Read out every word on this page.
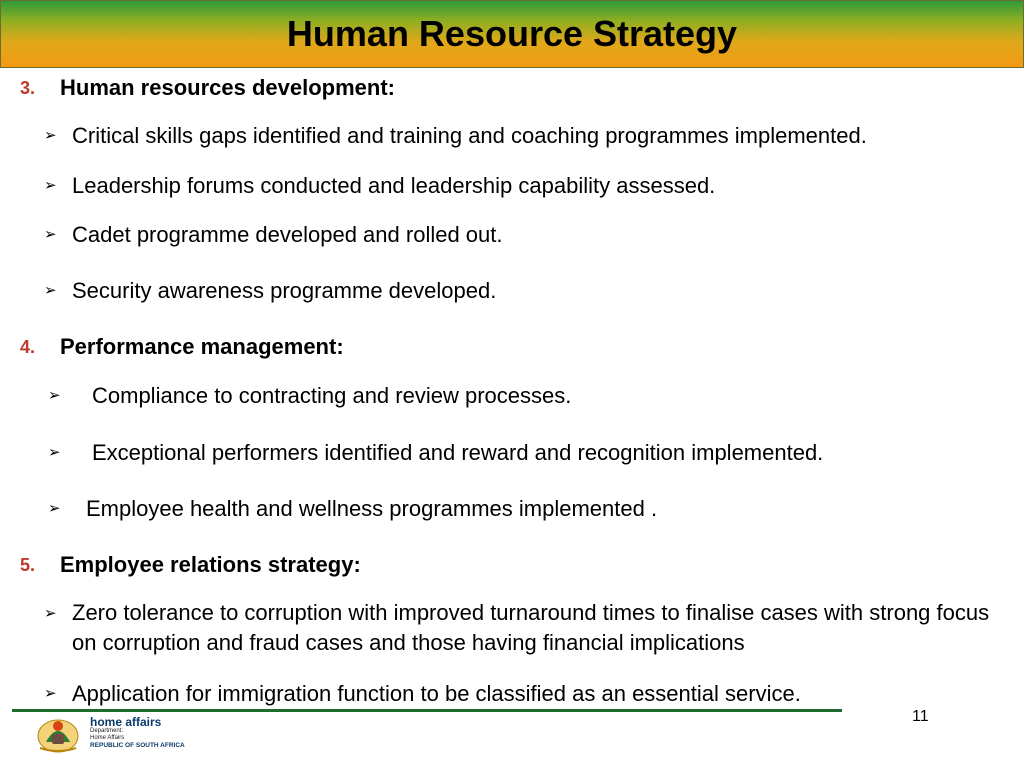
Human Resource Strategy
3. Human resources development:
➢ Critical skills gaps identified and training and coaching programmes implemented.
➢ Leadership forums conducted and leadership capability assessed.
➢ Cadet programme developed and rolled out.
➢ Security awareness programme developed.
4. Performance management:
➢ Compliance to contracting and review processes.
➢ Exceptional performers identified and reward and recognition implemented.
➢ Employee health and wellness programmes implemented .
5. Employee relations strategy:
➢ Zero tolerance to corruption with improved turnaround times to finalise cases with strong focus on corruption and fraud cases and those having financial implications
➢ Application for immigration function to be classified as an essential service.
home affairs
Department:
Home Affairs
REPUBLIC OF SOUTH AFRICA
11
